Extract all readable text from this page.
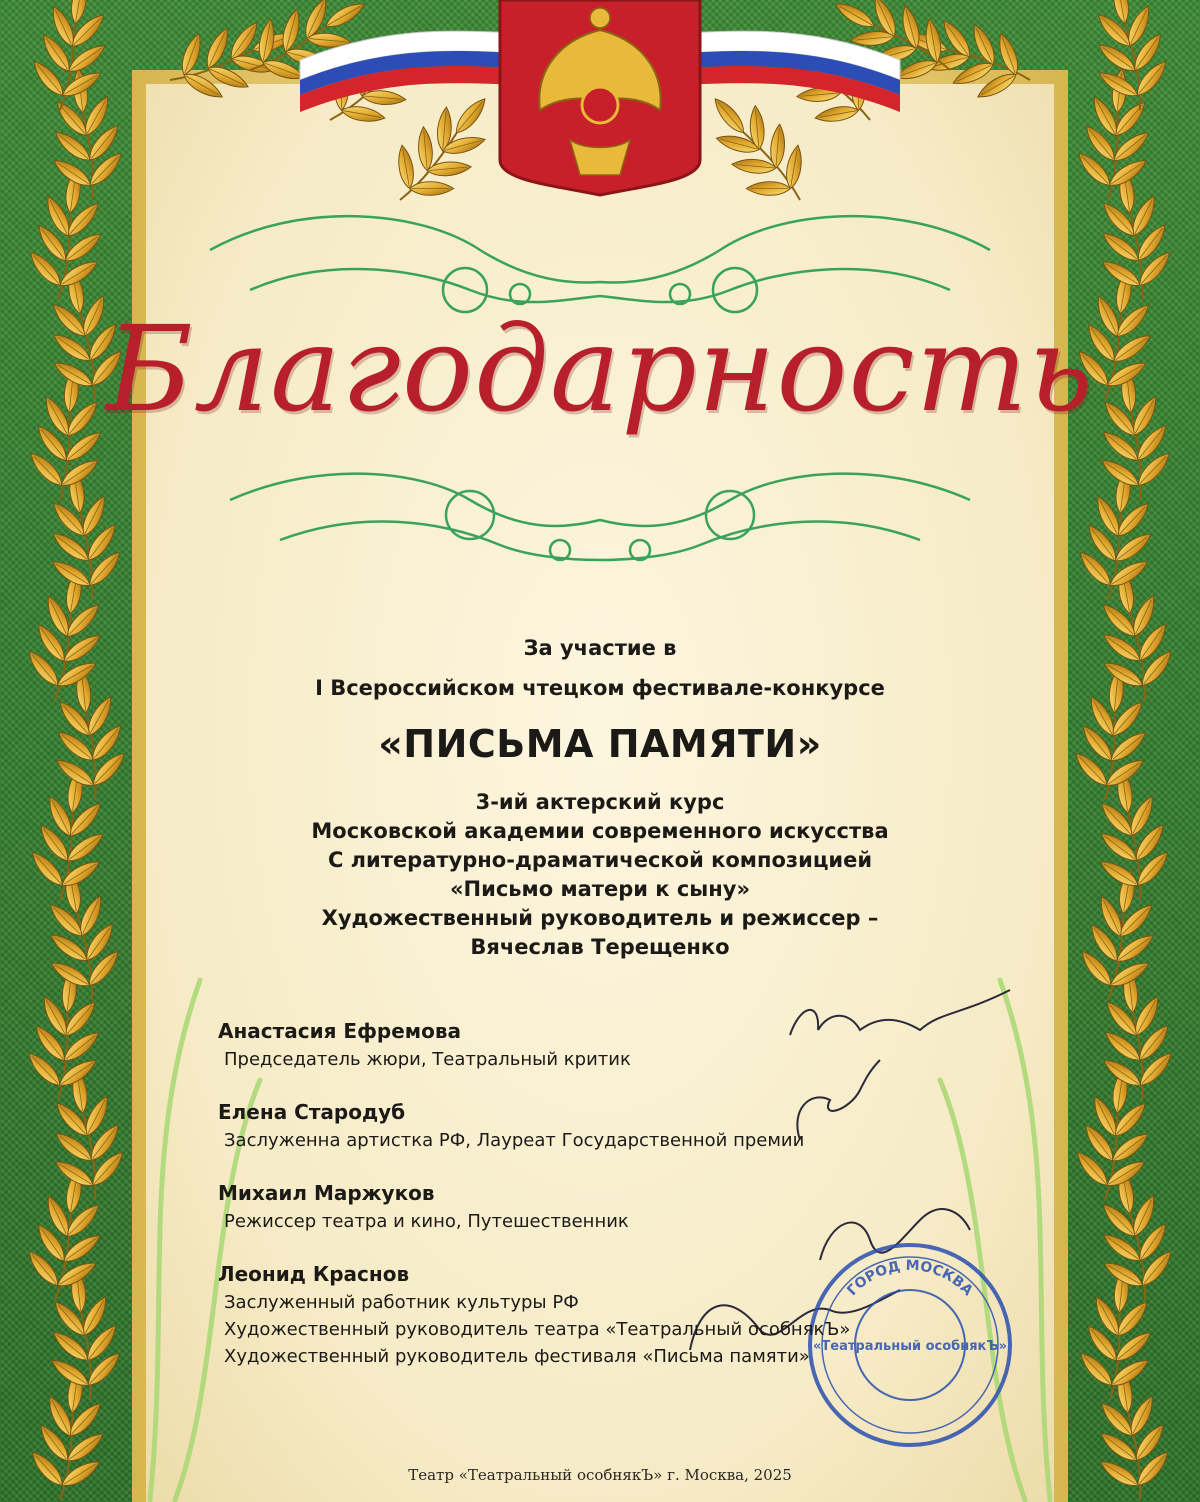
ГОРОД МОСКВА
«Театральный особнякЪ»
Благодарность
За участие в
I Всероссийском чтецком фестивале-конкурсе
«ПИСЬМА ПАМЯТИ»
3-ий актерский курс
Московской академии современного искусства
С литературно-драматической композицией
«Письмо матери к сыну»
Художественный руководитель и режиссер –
Вячеслав Терещенко
Анастасия Ефремова
Председатель жюри, Театральный критик
Елена Стародуб
Заслуженна артистка РФ, Лауреат Государственной премии
Михаил Маржуков
Режиссер театра и кино, Путешественник
Леонид Краснов
Заслуженный работник культуры РФ
Художественный руководитель театра «Театральный особнякЪ»
Художественный руководитель фестиваля «Письма памяти»
Театр «Театральный особнякЪ» г. Москва, 2025
